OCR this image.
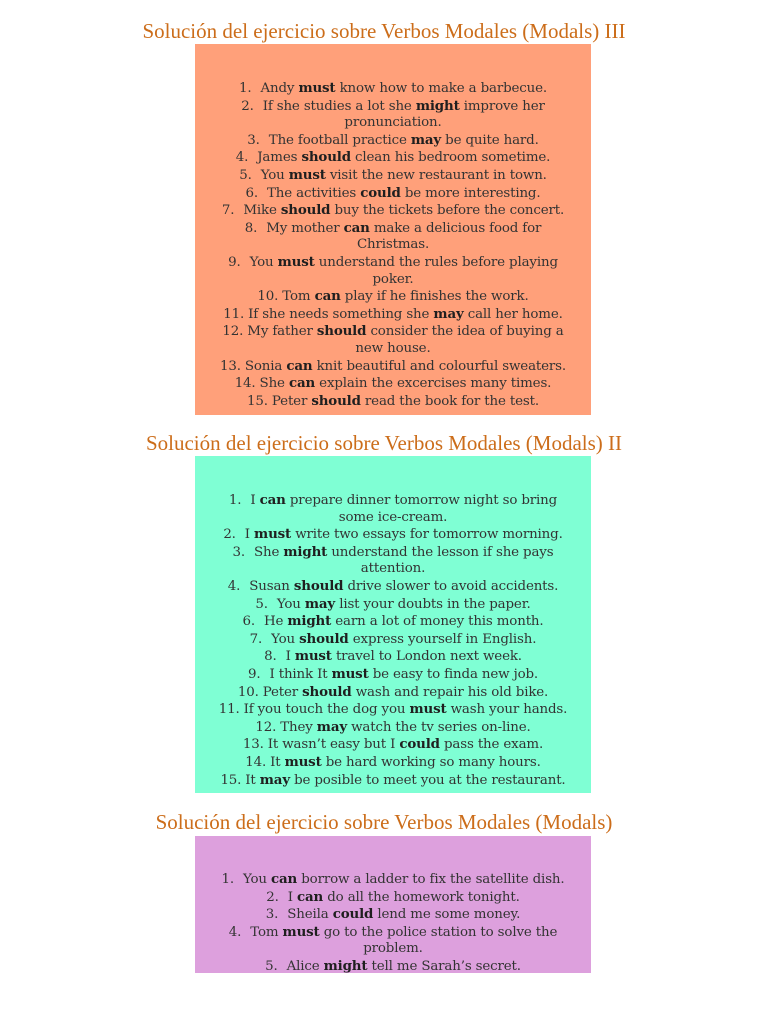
Solución del ejercicio sobre Verbos Modales (Modals) III
1. Andy must know how to make a barbecue.
2. If she studies a lot she might improve her
pronunciation.
3. The football practice may be quite hard.
4. James should clean his bedroom sometime.
5. You must visit the new restaurant in town.
6. The activities could be more interesting.
7. Mike should buy the tickets before the concert.
8. My mother can make a delicious food for
Christmas.
9. You must understand the rules before playing
poker.
10. Tom can play if he finishes the work.
11. If she needs something she may call her home.
12. My father should consider the idea of buying a
new house.
13. Sonia can knit beautiful and colourful sweaters.
14. She can explain the excercises many times.
15. Peter should read the book for the test.
Solución del ejercicio sobre Verbos Modales (Modals) II
1. I can prepare dinner tomorrow night so bring
some ice-cream.
2. I must write two essays for tomorrow morning.
3. She might understand the lesson if she pays
attention.
4. Susan should drive slower to avoid accidents.
5. You may list your doubts in the paper.
6. He might earn a lot of money this month.
7. You should express yourself in English.
8. I must travel to London next week.
9. I think It must be easy to finda new job.
10. Peter should wash and repair his old bike.
11. If you touch the dog you must wash your hands.
12. They may watch the tv series on-line.
13. It wasn’t easy but I could pass the exam.
14. It must be hard working so many hours.
15. It may be posible to meet you at the restaurant.
Solución del ejercicio sobre Verbos Modales (Modals)
1. You can borrow a ladder to fix the satellite dish.
2. I can do all the homework tonight.
3. Sheila could lend me some money.
4. Tom must go to the police station to solve the
problem.
5. Alice might tell me Sarah’s secret.
